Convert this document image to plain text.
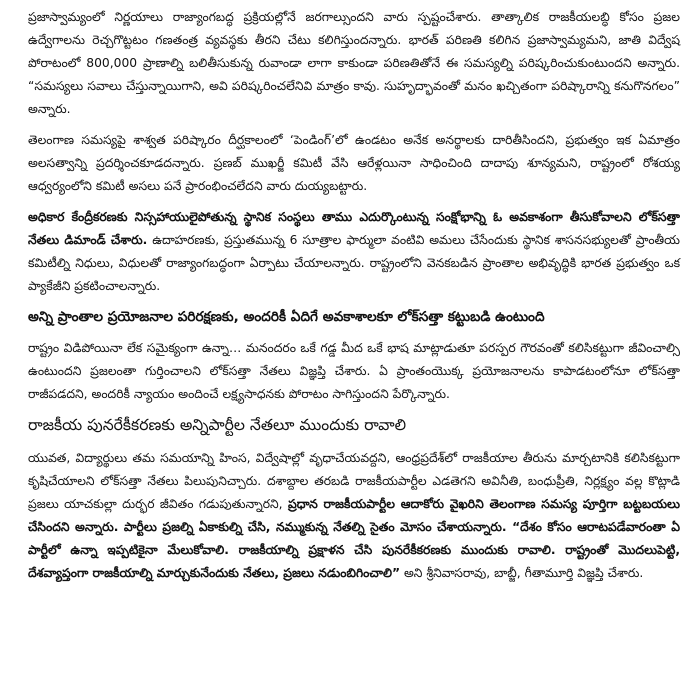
ప్రజాస్వామ్యంలో నిర్ణయాలు రాజ్యాంగబద్ధ ప్రక్రియల్లోనే జరగాల్సుందని వారు స్పష్టంచేశారు. తాత్కాలిక రాజకీయలబ్ధి కోసం ప్రజల ఉద్వేగాలను రెచ్చగొట్టటం గణతంత్ర వ్యవస్థకు తీరని చేటు కలిగిస్తుందన్నారు. భారత్ పరిణతి కలిగిన ప్రజాస్వామ్యమని, జాతి విద్వేష పోరాటంలో 800,000 ప్రాణాల్ని బలితీసుకున్న రువాండా లాగా కాకుండా పరిణతితోనే ఈ సమస్యల్ని పరిష్కరించుకుంటుందని అన్నారు. “సమస్యలు సవాలు చేస్తున్నాయిగాని, అవి పరిష్కరించలేనివి మాత్రం కావు. సుహృద్భావంతో మనం ఖచ్చితంగా పరిష్కారాన్ని కనుగొనగలం” అన్నారు.

తెలంగాణ సమస్యపై శాశ్వత పరిష్కారం దీర్ఘకాలంలో ‘పెండింగ్’లో ఉండటం అనేక అనర్థాలకు దారితీసిందని, ప్రభుత్వం ఇక ఏమాత్రం అలసత్వాన్ని ప్రదర్శించకూడదన్నారు. ప్రణబ్ ముఖర్జీ కమిటీ వేసి ఆరేళ్లయినా సాధించింది దాదాపు శూన్యమని, రాష్ట్రంలో రోశయ్య ఆధ్వర్యంలోని కమిటీ అసలు పనే ప్రారంభించలేదని వారు దుయ్యబట్టారు.

అధికార కేంద్రీకరణకు నిస్సహాయులైపోతున్న స్థానిక సంస్థలు తాము ఎదుర్కొంటున్న సంక్షోభాన్ని ఓ అవకాశంగా తీసుకోవాలని లోక్‌సత్తా నేతలు డిమాండ్ చేశారు. ఉదాహరణకు, ప్రస్తుతమున్న 6 సూత్రాల ఫార్ములా వంటివి అమలు చేసేందుకు స్థానిక శాసనసభ్యులతో ప్రాంతీయ కమిటీల్ని నిధులు, విధులతో రాజ్యాంగబద్ధంగా ఏర్పాటు చేయాలన్నారు. రాష్ట్రంలోని వెనకబడిన ప్రాంతాల అభివృద్ధికి భారత ప్రభుత్వం ఒక ప్యాకేజీని ప్రకటించాలన్నారు.

అన్ని ప్రాంతాల ప్రయోజనాల పరిరక్షణకు, అందరికీ ఏదిగే అవకాశాలకూ లోక్‌సత్తా కట్టుబడి ఉంటుంది

రాష్ట్రం విడిపోయినా లేక సమైక్యంగా ఉన్నా… మనందరం ఒకే గడ్డ మీద ఒకే భాష మాట్లాడుతూ పరస్పర గౌరవంతో కలిసికట్టుగా జీవించాల్సి ఉంటుందని ప్రజలంతా గుర్తించాలని లోక్‌సత్తా నేతలు విజ్ఞప్తి చేశారు. ఏ ప్రాంతంయొక్క ప్రయోజనాలను కాపాడటంలోనూ లోక్‌సత్తా రాజీపడదని, అందరికీ న్యాయం అందించే లక్ష్యసాధనకు పోరాటం సాగిస్తుందని పేర్కొన్నారు.

రాజకీయ పునరేకీకరణకు అన్నిపార్టీల నేతలూ ముందుకు రావాలి

యువత, విద్యార్థులు తమ సమయాన్ని హింస, విద్వేషాల్లో వృధాచేయవద్దని, ఆంధ్రప్రదేశ్‌లో రాజకీయాల తీరును మార్చటానికి కలిసికట్టుగా కృషిచేయాలని లోక్‌సత్తా నేతలు పిలుపునిచ్చారు. దశాబ్దాల తరబడి రాజకీయపార్టీల ఎడతెగని అవినీతి, బంధుప్రీతి, నిర్లక్ష్యం వల్ల కొట్లాడి ప్రజలు యాచకుల్లా దుర్భర జీవితం గడుపుతున్నారని, ప్రధాన రాజకీయపార్టీల ఆదాకోరు వైఖరిని తెలంగాణ సమస్య పూర్తిగా బట్టబయలు చేసిందని అన్నారు. పార్టీలు ప్రజల్ని ఏకాకుల్ని చేసి, నమ్ముకున్న నేతల్ని సైతం మోసం చేశాయన్నారు. “దేశం కోసం ఆరాటపడేవారంతా ఏ పార్టీలో ఉన్నా ఇప్పటికైనా మేలుకోవాలి. రాజకీయాల్ని ప్రక్షాళన చేసి పునరేకీకరణకు ముందుకు రావాలి. రాష్ట్రంతో మొదలుపెట్టి, దేశవ్యాప్తంగా రాజకీయాల్ని మార్చుకునేందుకు నేతలు, ప్రజలు నడుంబిగించాలి” అని శ్రీనివాసరావు, బాబ్జీ, గీతామూర్తి విజ్ఞప్తి చేశారు.
